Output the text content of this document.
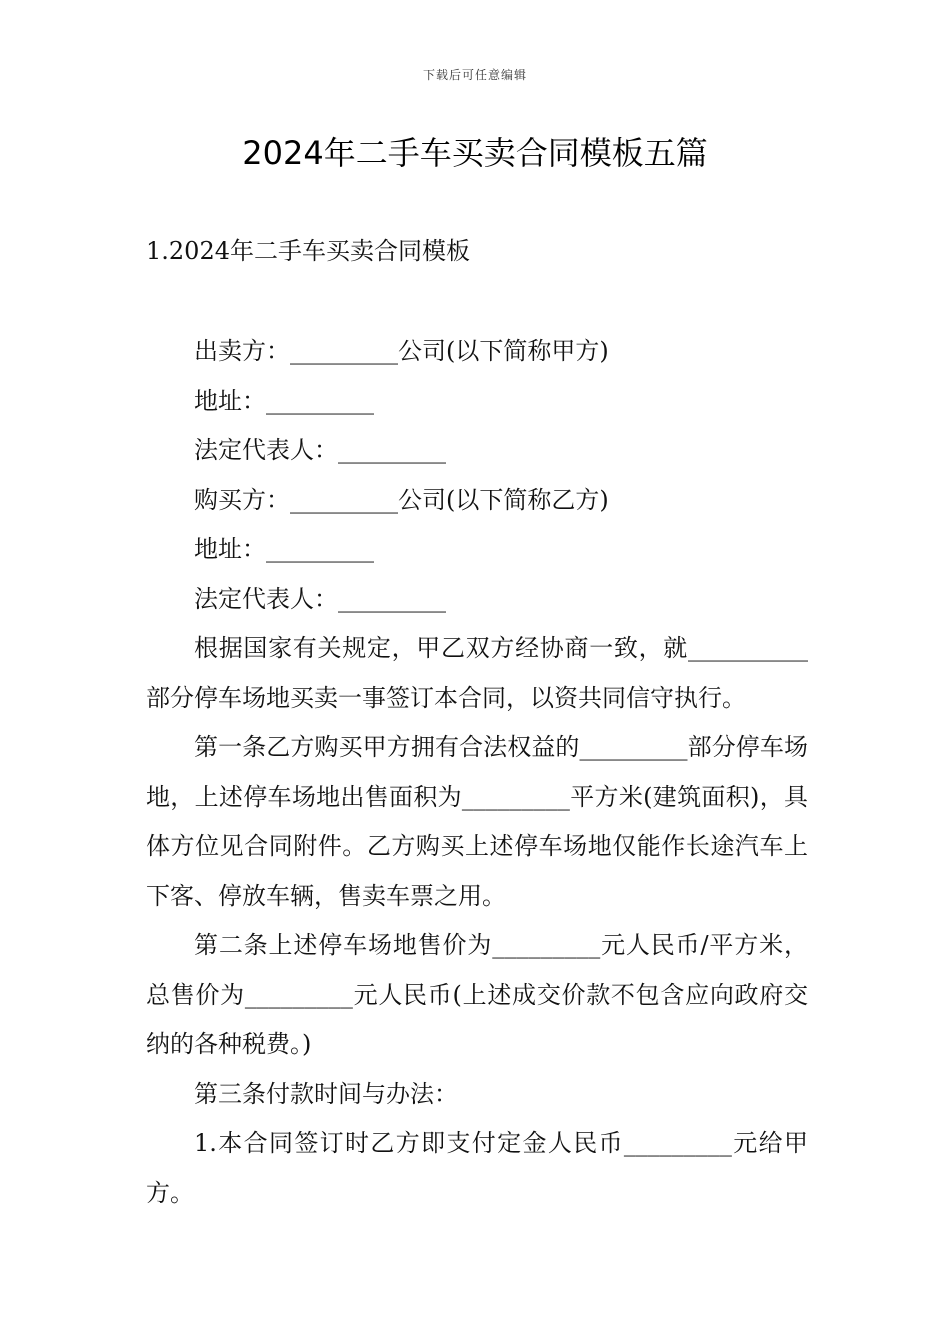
下载后可任意编辑
2024年二手车买卖合同模板五篇
1.2024年二手车买卖合同模板

出卖方：_________公司(以下简称甲方)

地址：_________

法定代表人：_________

购买方：_________公司(以下简称乙方)

地址：_________

法定代表人：_________

根据国家有关规定，甲乙双方经协商一致，就__________部分停车场地买卖一事签订本合同，以资共同信守执行。

第一条乙方购买甲方拥有合法权益的_________部分停车场地，上述停车场地出售面积为_________平方米(建筑面积)，具体方位见合同附件。乙方购买上述停车场地仅能作长途汽车上下客、停放车辆，售卖车票之用。

第二条上述停车场地售价为_________元人民币/平方米，总售价为_________元人民币(上述成交价款不包含应向政府交纳的各种税费。)

第三条付款时间与办法：

1.本合同签订时乙方即支付定金人民币_________元给甲方。
